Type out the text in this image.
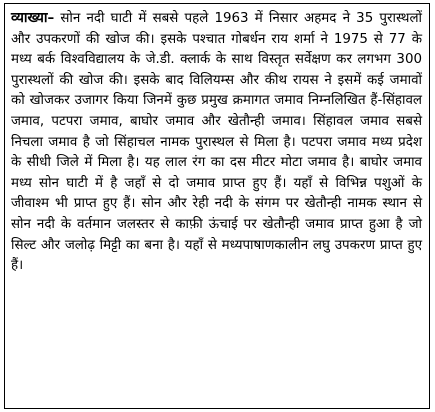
व्याख्या– सोन नदी घाटी में सबसे पहले 1963 में निसार अहमद ने 35 पुरास्थलों और उपकरणों की खोज की। इसके पश्चात गोबर्धन राय शर्मा ने 1975 से 77 के मध्य बर्क विश्वविद्यालय के जे.डी. क्लार्क के साथ विस्तृत सर्वेक्षण कर लगभग 300 पुरास्थलों की खोज की। इसके बाद विलियम्स और कीथ रायस ने इसमें कई जमावों को खोजकर उजागर किया जिनमें कुछ प्रमुख क्रमागत जमाव निम्नलिखित हैं-सिंहावल जमाव, पटपरा जमाव, बाघोर जमाव और खेतौन्ही जमाव। सिंहावल जमाव सबसे निचला जमाव है जो सिंहाचल नामक पुरास्थल से मिला है। पटपरा जमाव मध्य प्रदेश के सीधी जिले में मिला है। यह लाल रंग का दस मीटर मोटा जमाव है। बाघोर जमाव मध्य सोन घाटी में है जहाँ से दो जमाव प्राप्त हुए हैं। यहाँ से विभिन्न पशुओं के जीवाश्म भी प्राप्त हुए हैं। सोन और रेही नदी के संगम पर खेतौन्ही नामक स्थान से सोन नदी के वर्तमान जलस्तर से काफ़ी ऊंचाई पर खेतौन्ही जमाव प्राप्त हुआ है जो सिल्ट और जलोढ़ मिट्टी का बना है। यहाँ से मध्यपाषाणकालीन लघु उपकरण प्राप्त हुए हैं।
